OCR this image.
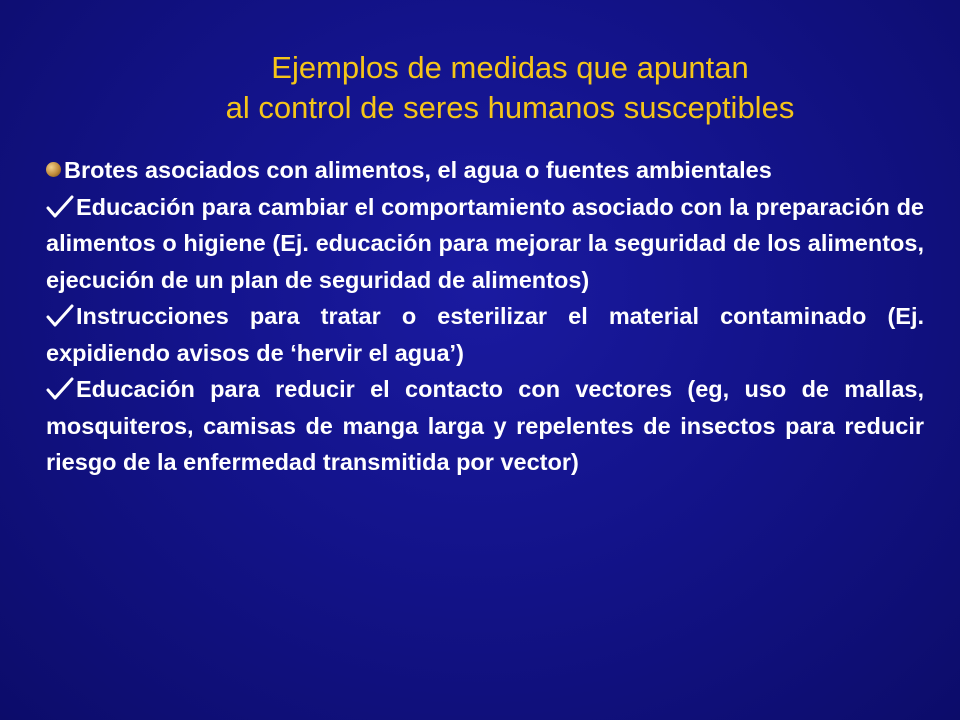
Ejemplos de medidas que apuntan
al control de seres humanos susceptibles

Brotes asociados con alimentos, el agua o fuentes ambientales

Educación para cambiar el comportamiento asociado con la preparación de alimentos o higiene (Ej. educación para mejorar la seguridad de los alimentos, ejecución de un plan de seguridad de alimentos)

Instrucciones para tratar o esterilizar el material contaminado (Ej. expidiendo avisos de ‘hervir el agua’)

Educación para reducir el contacto con vectores (eg, uso de mallas, mosquiteros, camisas de manga larga y repelentes de insectos para reducir riesgo de la enfermedad transmitida por vector)
